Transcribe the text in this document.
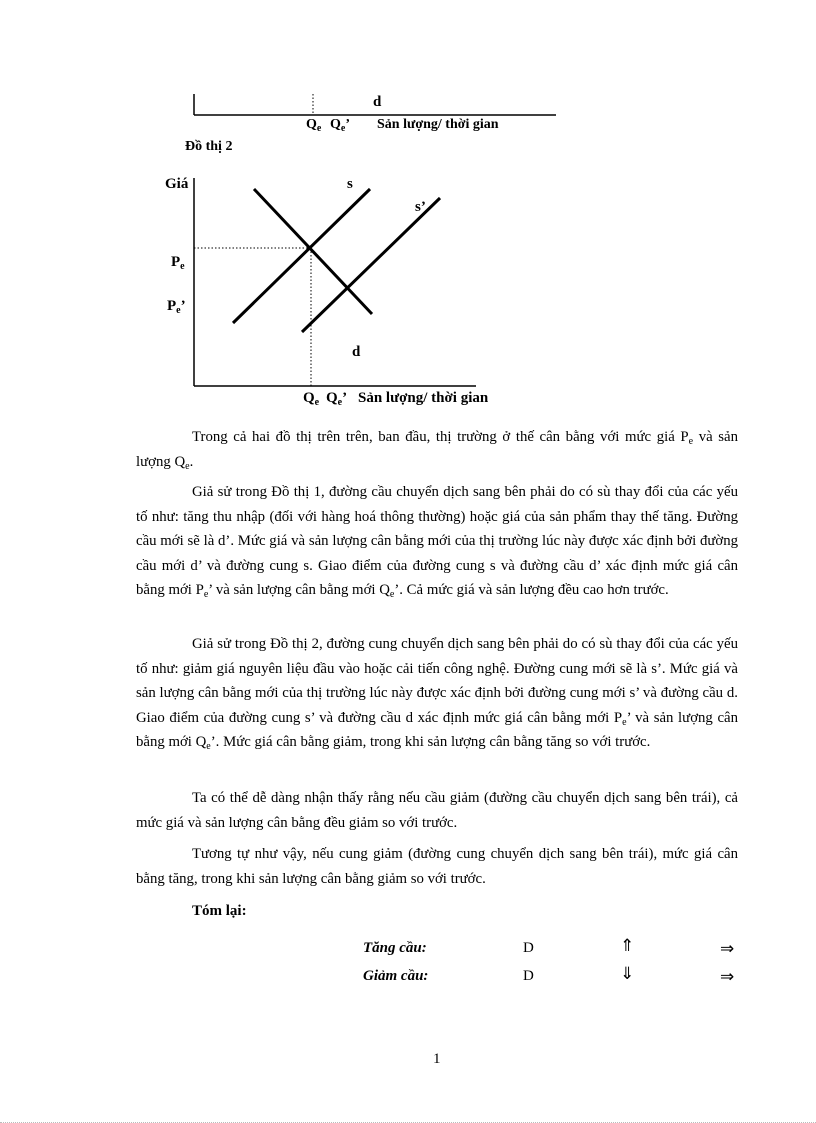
d
$Q_e$ $Q_e$’ Sản lượng/ thời gian
Đồ thị 2
Giá	s
s’
d
$P_e$
$P_e$’
$Q_e$ $Q_e$’ Sản lượng/ thời gian

Trong cả hai đồ thị trên trên, ban đầu, thị trường ở thế cân bằng với mức giá $P_e$ và sản lượng $Q_e$.

Giả sử trong Đồ thị 1, đường cầu chuyển dịch sang bên phải do có sù thay đổi của các yếu tố như: tăng thu nhập (đối với hàng hoá thông thường) hoặc giá của sản phẩm thay thế tăng. Đường cầu mới sẽ là d’. Mức giá và sản lượng cân bằng mới của thị trường lúc này được xác định bởi đường cầu mới d’ và đường cung s. Giao điểm của đường cung s và đường cầu d’ xác định mức giá cân bằng mới $P_e$’ và sản lượng cân bằng mới $Q_e$’. Cả mức giá và sản lượng đều cao hơn trước.

Giả sử trong Đồ thị 2, đường cung chuyển dịch sang bên phải do có sù thay đổi của các yếu tố như: giảm giá nguyên liệu đầu vào hoặc cải tiến công nghệ. Đường cung mới sẽ là s’. Mức giá và sản lượng cân bằng mới của thị trường lúc này được xác định bởi đường cung mới s’ và đường cầu d. Giao điểm của đường cung s’ và đường cầu d xác định mức giá cân bằng mới $P_e$’ và sản lượng cân bằng mới $Q_e$’. Mức giá cân bằng giảm, trong khi sản lượng cân bằng tăng so với trước.

Ta có thể dễ dàng nhận thấy rằng nếu cầu giảm (đường cầu chuyển dịch sang bên trái), cả mức giá và sản lượng cân bằng đều giảm so với trước.

Tương tự như vậy, nếu cung giảm (đường cung chuyển dịch sang bên trái), mức giá cân bằng tăng, trong khi sản lượng cân bằng giảm so với trước.

Tóm lại:
Tăng cầu:	D	⇑	⇒
Giảm cầu:	D	⇓	⇒
1
